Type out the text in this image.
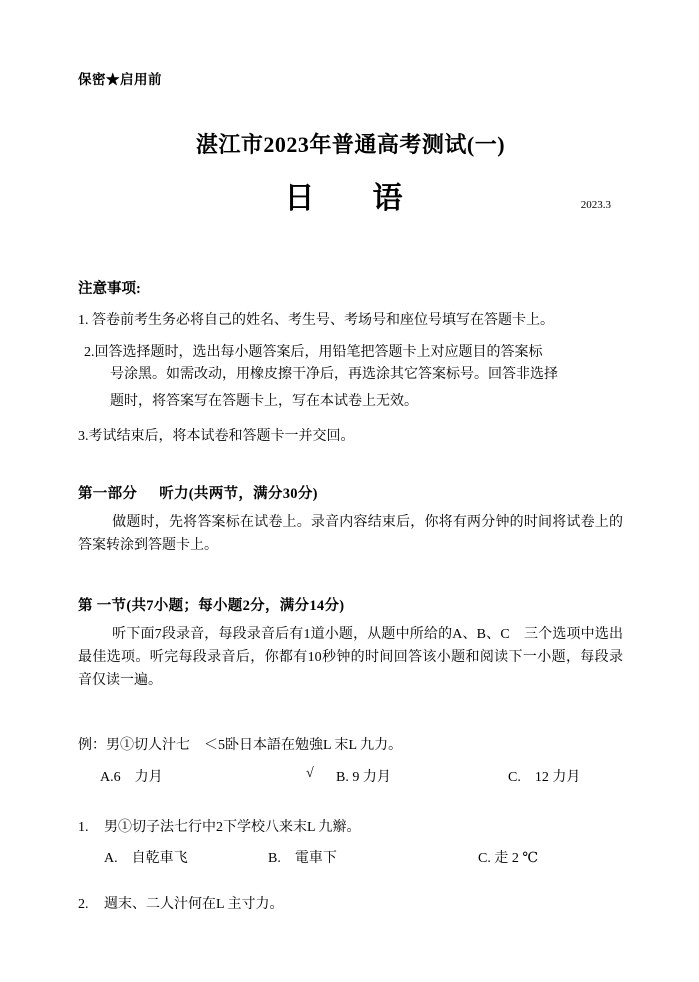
保密★启用前
湛江市2023年普通高考测试(一)
日　语	2023.3
注意事项:
1. 答卷前考生务必将自己的姓名、考生号、考场号和座位号填写在答题卡上。
2.回答选择题时，选出每小题答案后，用铅笔把答题卡上对应题目的答案标
号涂黑。如需改动，用橡皮擦干净后，再选涂其它答案标号。回答非选择
题时，将答案写在答题卡上，写在本试卷上无效。
3.考试结束后，将本试卷和答题卡一并交回。
第一部分 听力(共两节，满分30分)
做题时，先将答案标在试卷上。录音内容结束后，你将有两分钟的时间将试卷上的答案转涂到答题卡上。
第 一节(共7小题；每小题2分，满分14分)
听下面7段录音，每段录音后有1道小题，从题中所给的A、B、C　三个选项中选出最佳选项。听完每段录音后，你都有10秒钟的时间回答该小题和阅读下一小题，每段录音仅读一遍。
例：男①切人汁七　＜5卧日本語在勉強L 末L 九力。
A.6　力月	√ B. 9 力月	C.　12 力月
1. 男①切子法七行中2下学校八来末L 九辮。
A.　自乾車飞	B.　電車下	C. 走 2 ℃
2. 週末、二人汁何在L 主寸力。
